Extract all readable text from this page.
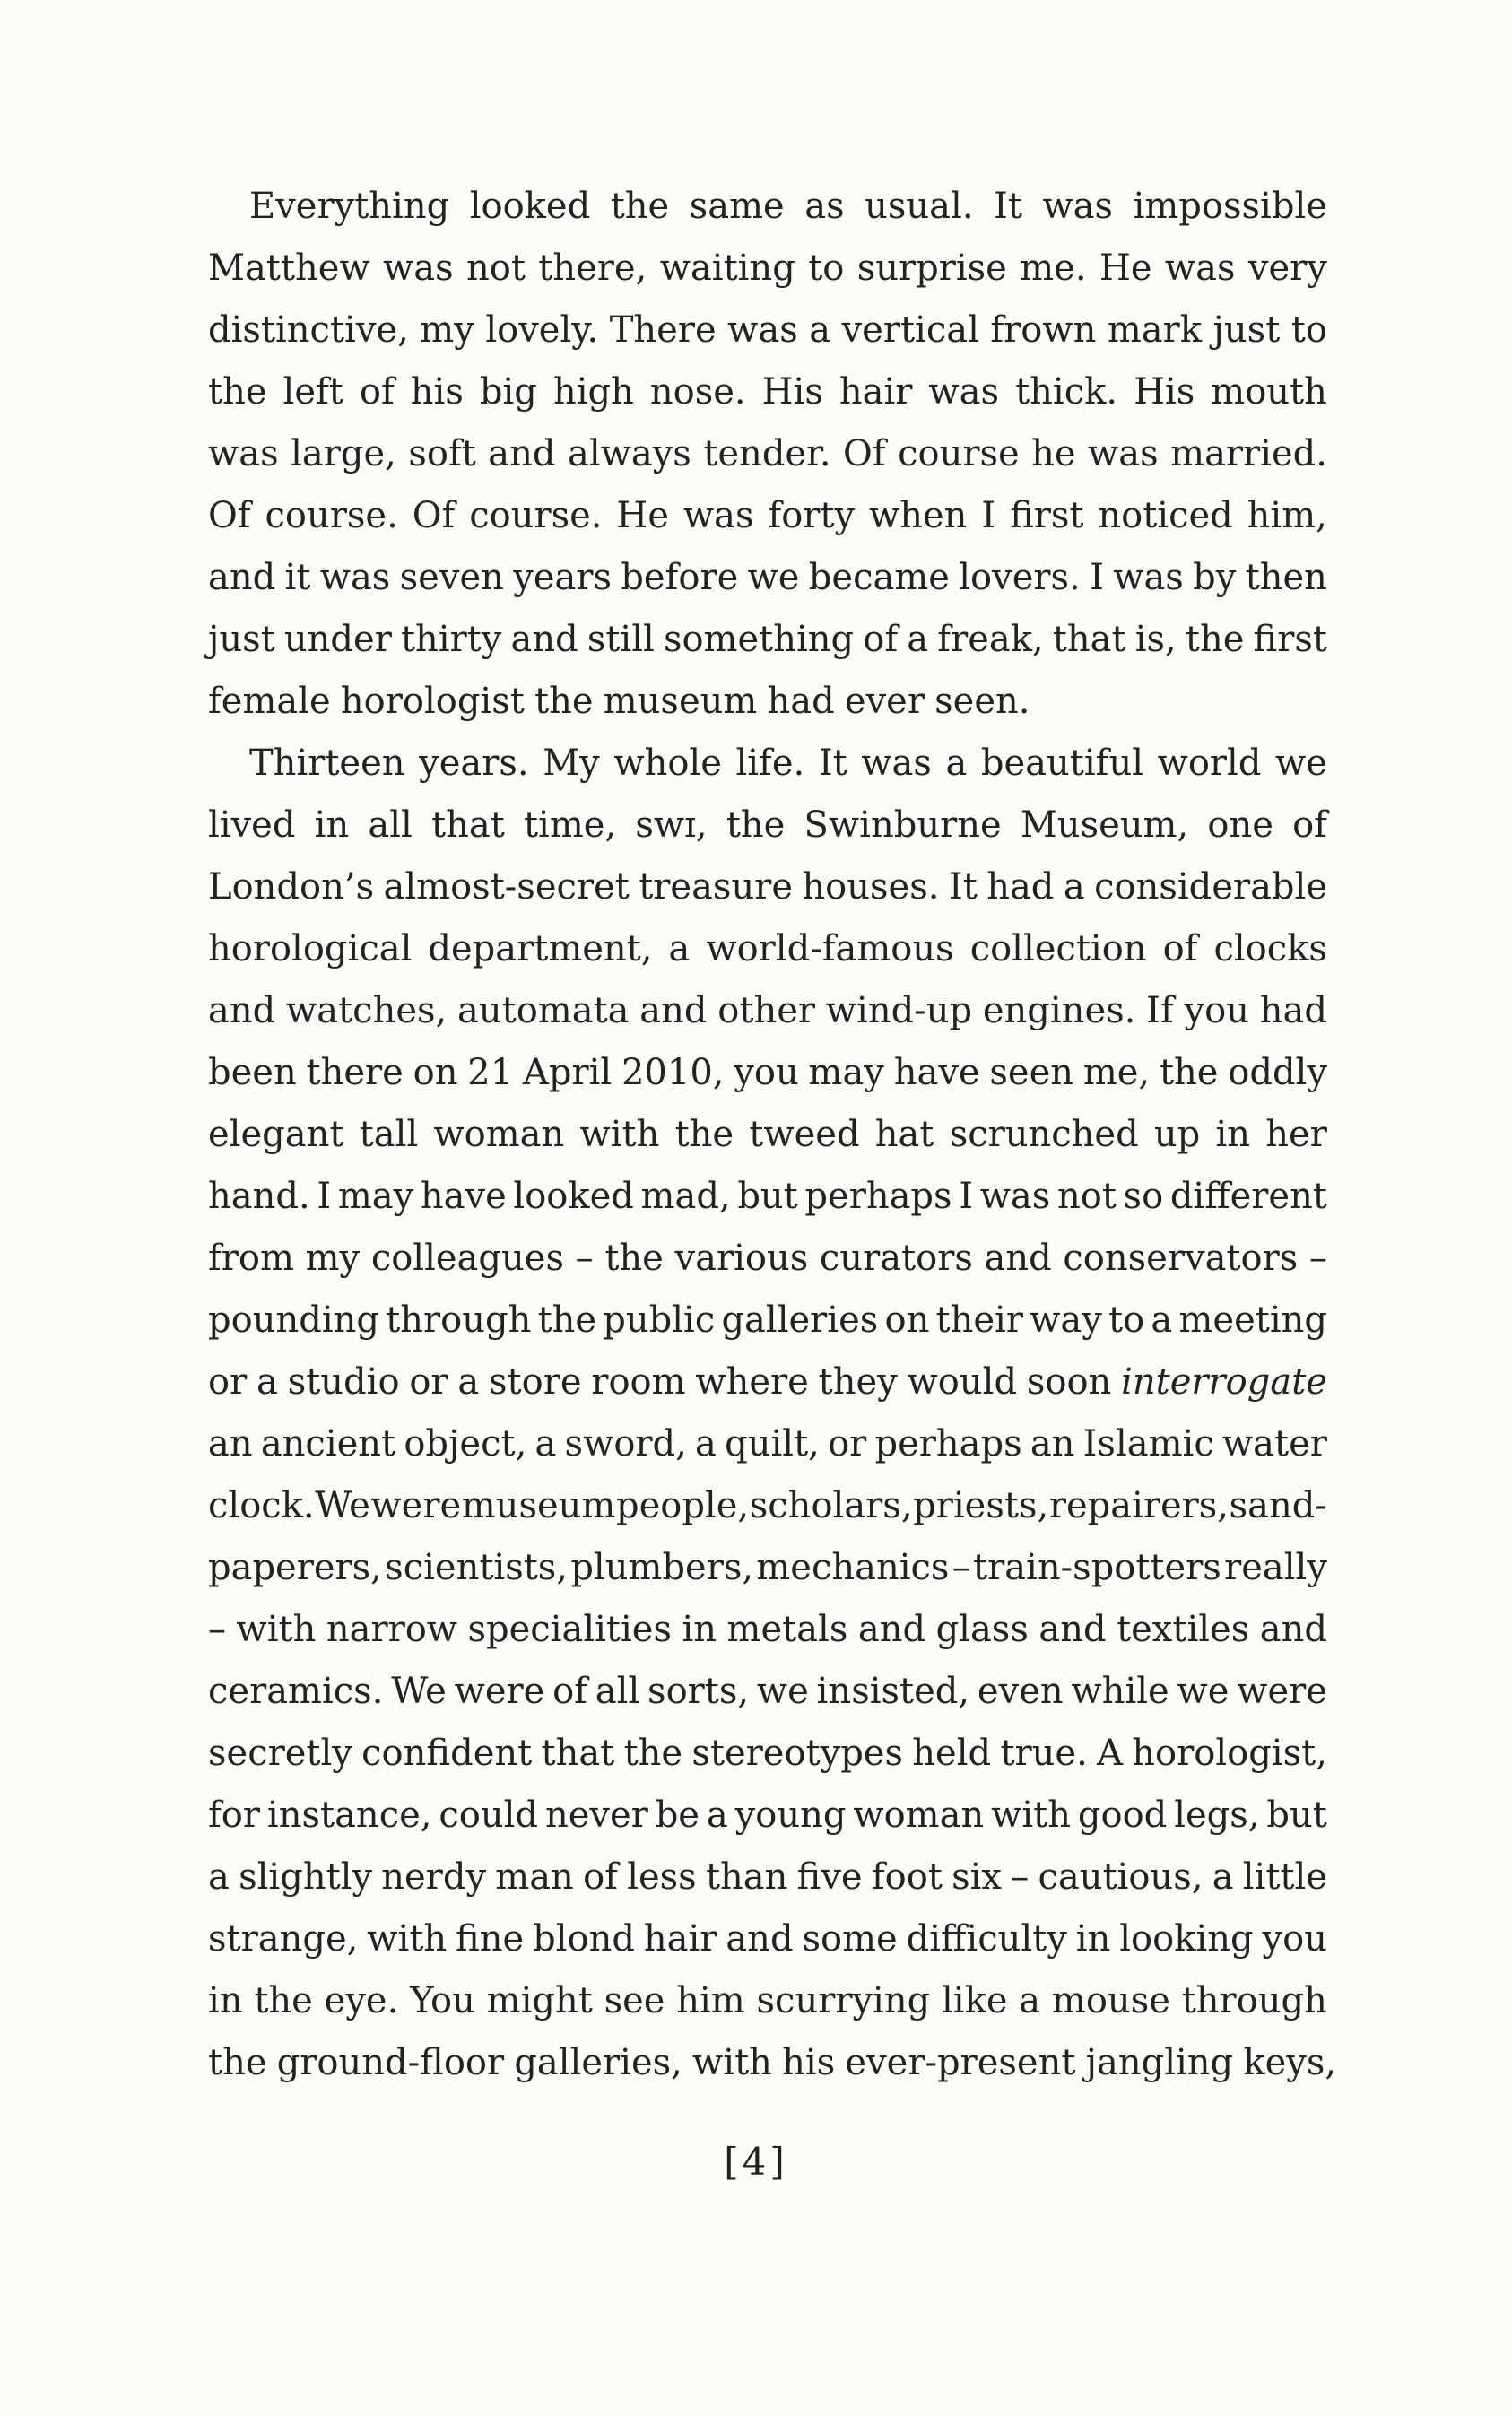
Everything looked the same as usual. It was impossible
Matthew was not there, waiting to surprise me. He was very
distinctive, my lovely. There was a vertical frown mark just to
the left of his big high nose. His hair was thick. His mouth
was large, soft and always tender. Of course he was married.
Of course. Of course. He was forty when I first noticed him,
and it was seven years before we became lovers. I was by then
just under thirty and still something of a freak, that is, the first
female horologist the museum had ever seen.
Thirteen years. My whole life. It was a beautiful world we
lived in all that time, swɪ, the Swinburne Museum, one of
London’s almost-secret treasure houses. It had a considerable
horological department, a world-famous collection of clocks
and watches, automata and other wind-up engines. If you had
been there on 21 April 2010, you may have seen me, the oddly
elegant tall woman with the tweed hat scrunched up in her
hand. I may have looked mad, but perhaps I was not so different
from my colleagues – the various curators and conservators –
pounding through the public galleries on their way to a meeting
or a studio or a store room where they would soon interrogate
an ancient object, a sword, a quilt, or perhaps an Islamic water
clock. We were museum people, scholars, priests, repairers, sand-
paperers, scientists, plumbers, mechanics – train-spotters really
– with narrow specialities in metals and glass and textiles and
ceramics. We were of all sorts, we insisted, even while we were
secretly confident that the stereotypes held true. A horologist,
for instance, could never be a young woman with good legs, but
a slightly nerdy man of less than five foot six – cautious, a little
strange, with fine blond hair and some difficulty in looking you
in the eye. You might see him scurrying like a mouse through
the ground-floor galleries, with his ever-present jangling keys,
[4]
